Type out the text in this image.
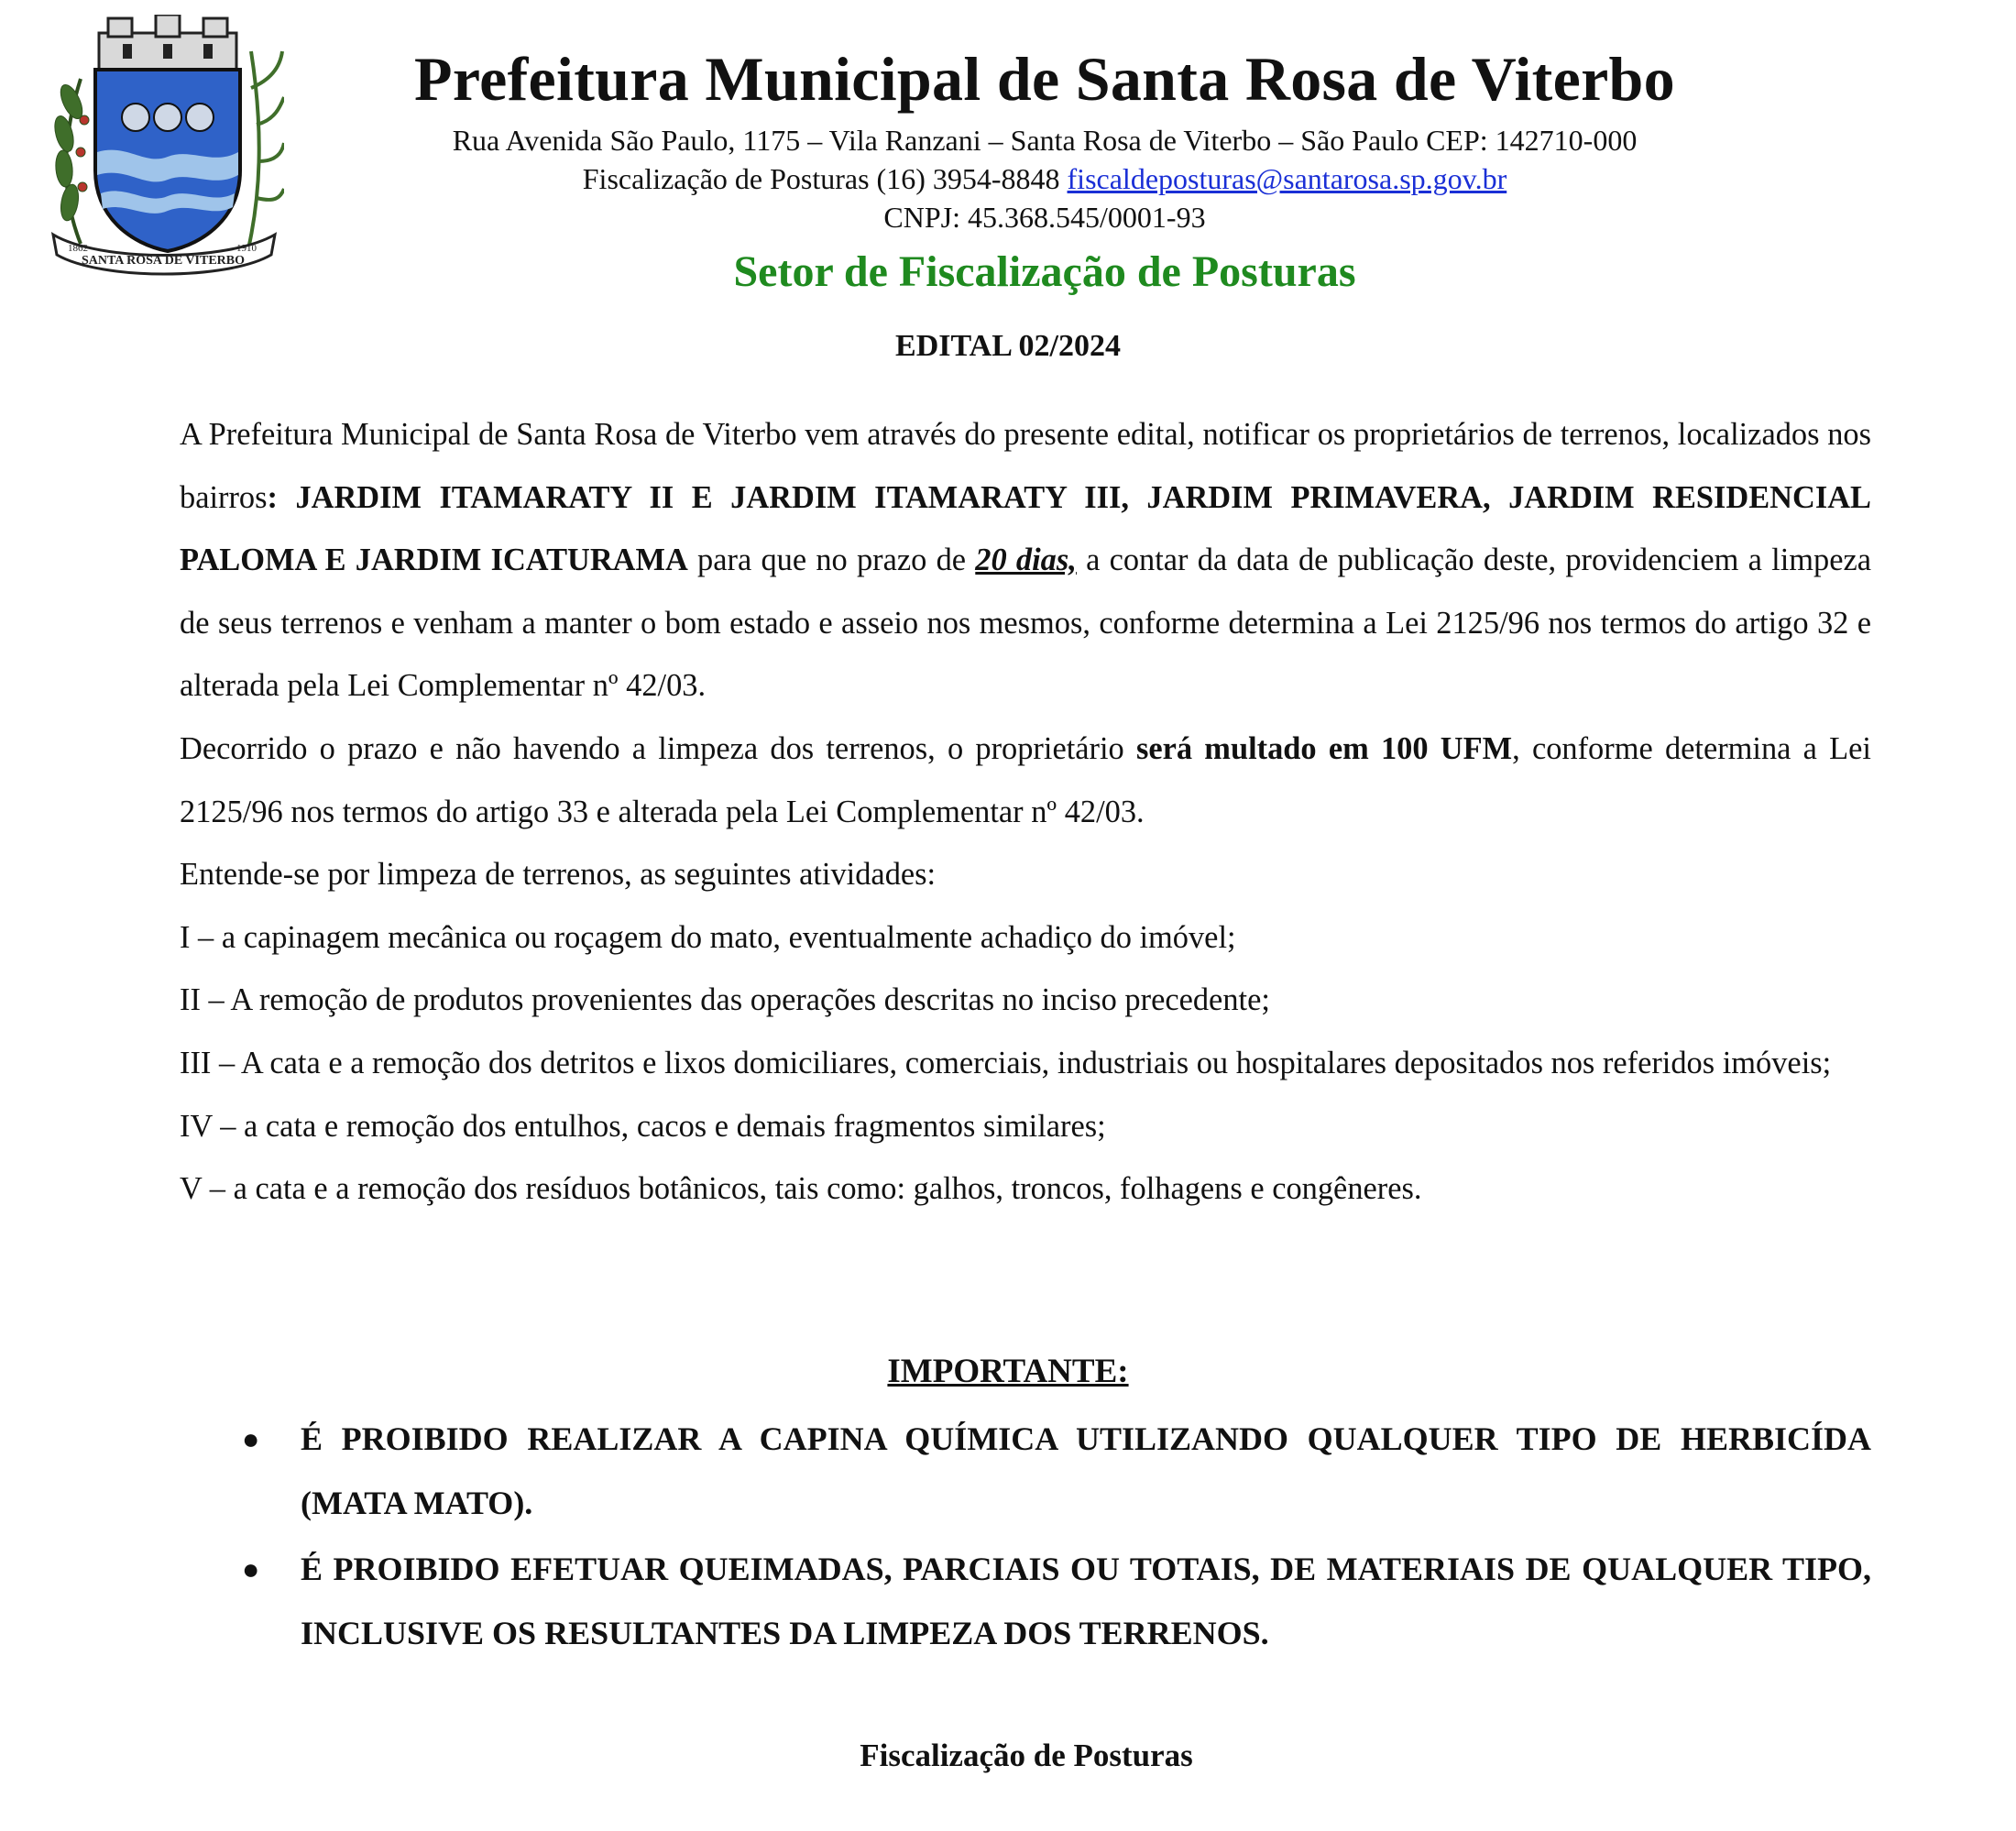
SANTA ROSA DE VITERBO
1862	1910
Prefeitura Municipal de Santa Rosa de Viterbo
Rua Avenida São Paulo, 1175 – Vila Ranzani – Santa Rosa de Viterbo – São Paulo CEP: 142710-000
Fiscalização de Posturas (16) 3954-8848 fiscaldeposturas@santarosa.sp.gov.br
CNPJ: 45.368.545/0001-93
Setor de Fiscalização de Posturas
EDITAL 02/2024

A Prefeitura Municipal de Santa Rosa de Viterbo vem através do presente edital, notificar os proprietários de terrenos, localizados nos bairros: JARDIM ITAMARATY II E JARDIM ITAMARATY III, JARDIM PRIMAVERA, JARDIM RESIDENCIAL PALOMA E JARDIM ICATURAMA para que no prazo de 20 dias, a contar da data de publicação deste, providenciem a limpeza de seus terrenos e venham a manter o bom estado e asseio nos mesmos, conforme determina a Lei 2125/96 nos termos do artigo 32 e alterada pela Lei Complementar nº 42/03.

Decorrido o prazo e não havendo a limpeza dos terrenos, o proprietário será multado em 100 UFM, conforme determina a Lei 2125/96 nos termos do artigo 33 e alterada pela Lei Complementar nº 42/03.

Entende-se por limpeza de terrenos, as seguintes atividades:

I – a capinagem mecânica ou roçagem do mato, eventualmente achadiço do imóvel;

II – A remoção de produtos provenientes das operações descritas no inciso precedente;

III – A cata e a remoção dos detritos e lixos domiciliares, comerciais, industriais ou hospitalares depositados nos referidos imóveis;

IV – a cata e remoção dos entulhos, cacos e demais fragmentos similares;

V – a cata e a remoção dos resíduos botânicos, tais como: galhos, troncos, folhagens e congêneres.

IMPORTANTE:
● É PROIBIDO REALIZAR A CAPINA QUÍMICA UTILIZANDO QUALQUER TIPO DE HERBICÍDA (MATA MATO).
● É PROIBIDO EFETUAR QUEIMADAS, PARCIAIS OU TOTAIS, DE MATERIAIS DE QUALQUER TIPO, INCLUSIVE OS RESULTANTES DA LIMPEZA DOS TERRENOS.
Fiscalização de Posturas
